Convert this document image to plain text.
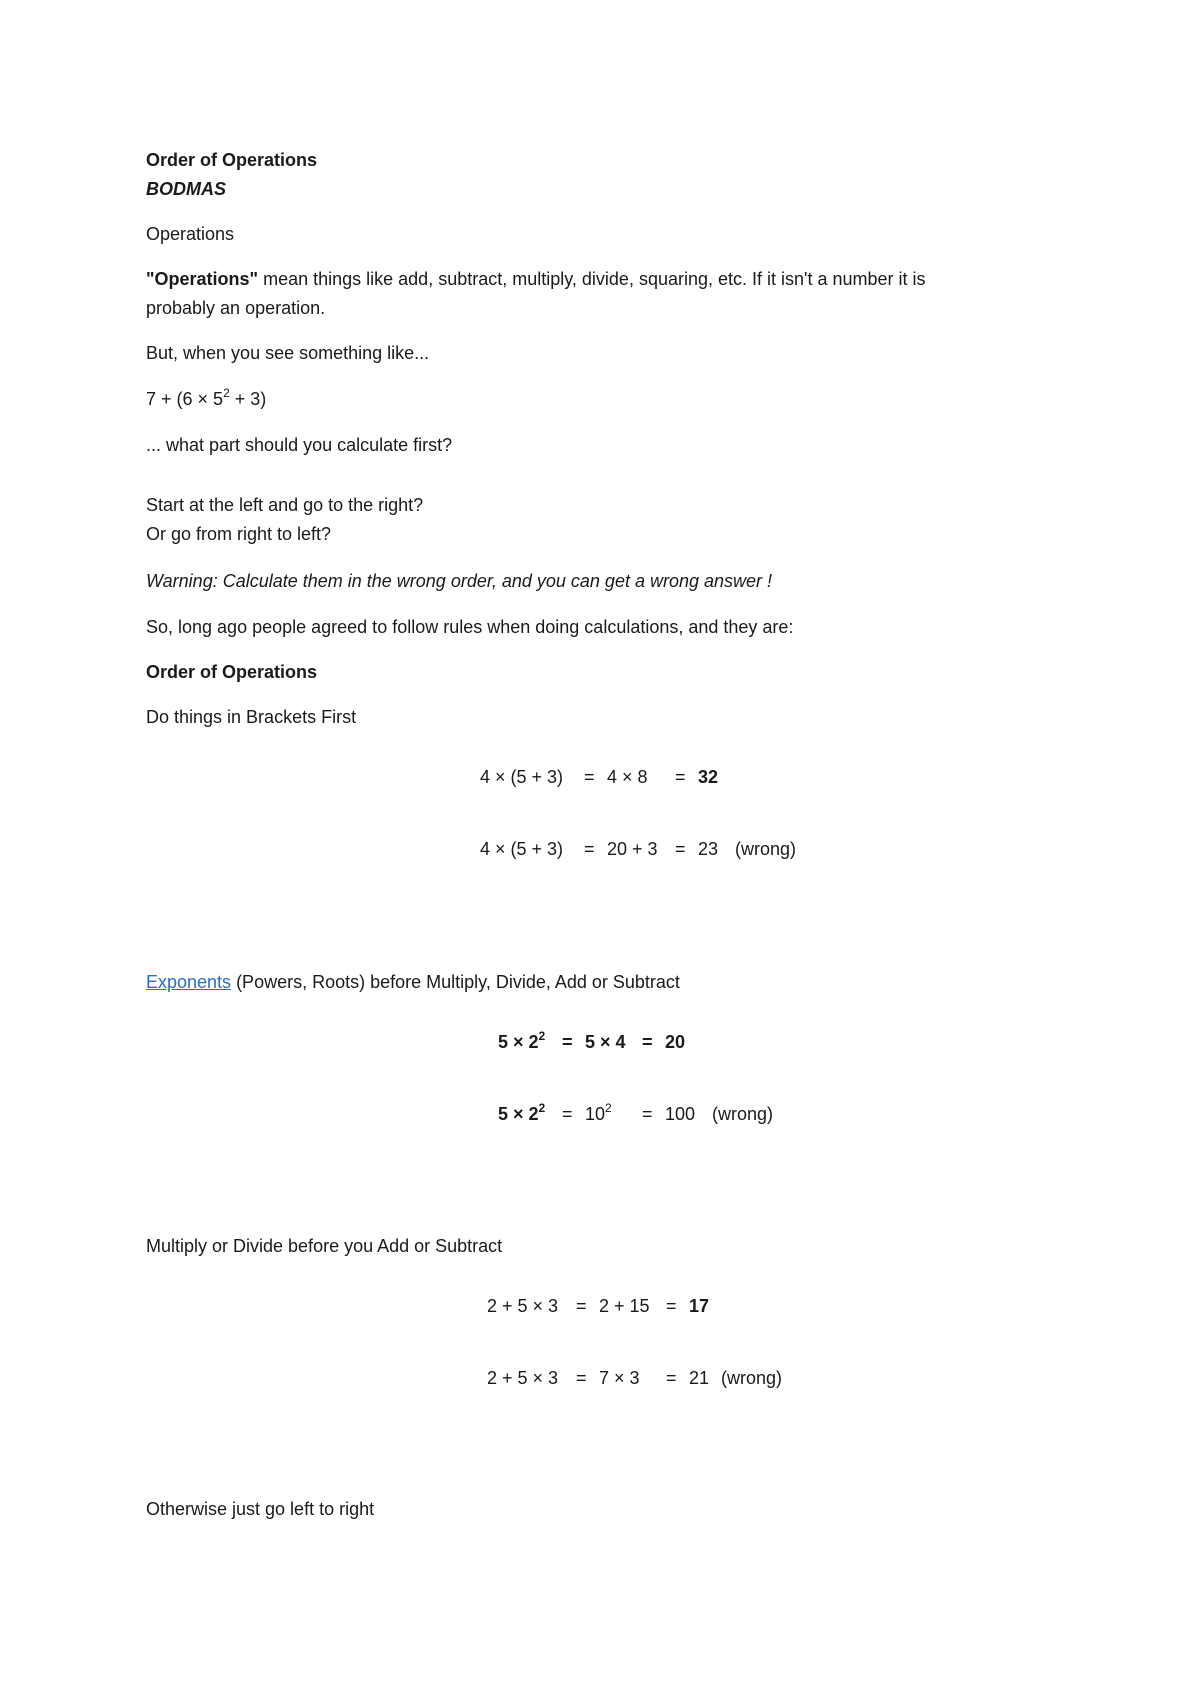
Order of Operations
BODMAS
Operations
"Operations" mean things like add, subtract, multiply, divide, squaring, etc. If it isn't a number it is
probably an operation.
But, when you see something like...
$7 + (6 \times 5^2 + 3)$
... what part should you calculate first?
Start at the left and go to the right?
Or go from right to left?
Warning: Calculate them in the wrong order, and you can get a wrong answer !
So, long ago people agreed to follow rules when doing calculations, and they are:
Order of Operations
Do things in Brackets First
4 × (5 + 3) = 4 × 8 = 32
4 × (5 + 3) = 20 + 3 = 23 (wrong)
Exponents (Powers, Roots) before Multiply, Divide, Add or Subtract
$5 \times 2^2 = 5 \times 4 = 20$
$5 \times 2^2 = 10^2 = 100$ (wrong)
Multiply or Divide before you Add or Subtract
2 + 5 × 3 = 2 + 15 = 17
2 + 5 × 3 = 7 × 3 = 21 (wrong)
Otherwise just go left to right
